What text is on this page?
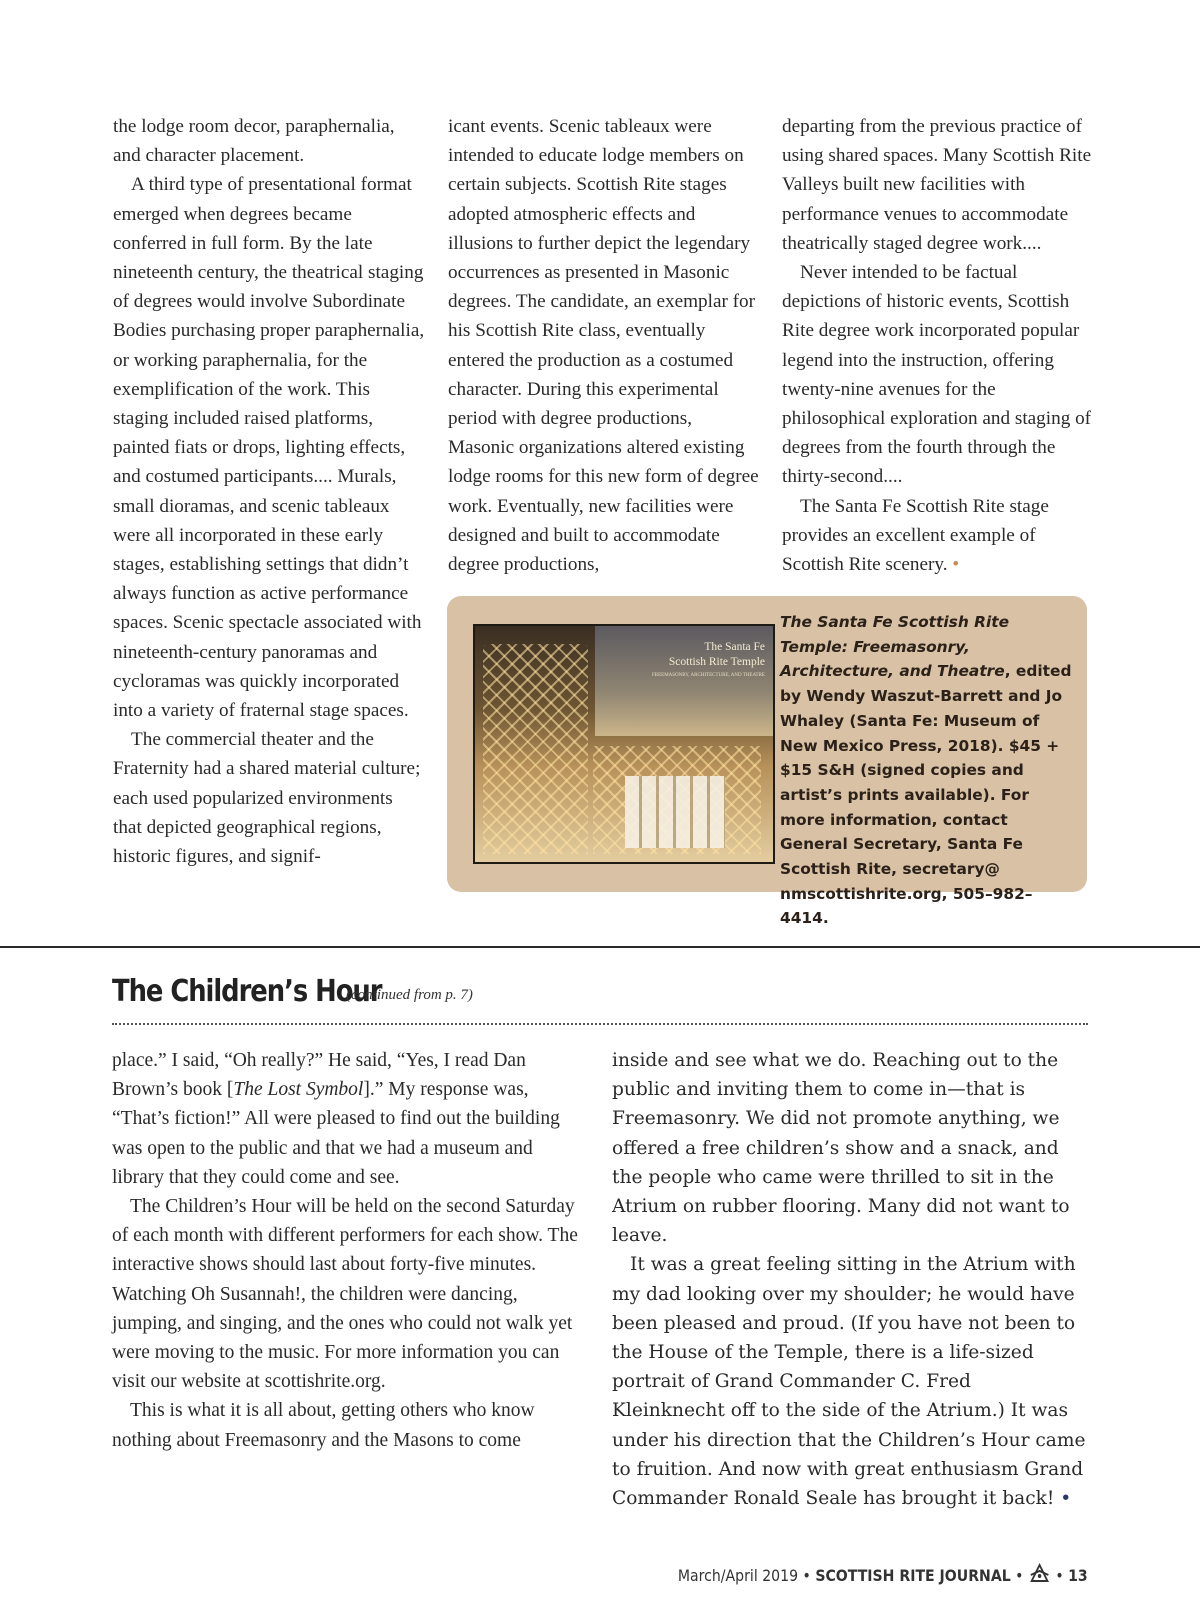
the lodge room decor, paraphernalia, and character placement.

A third type of presentational format emerged when degrees became conferred in full form. By the late nineteenth century, the theatrical staging of degrees would involve Subordinate Bodies purchasing proper paraphernalia, or working paraphernalia, for the exemplification of the work. This staging included raised platforms, painted fiats or drops, lighting effects, and costumed participants.... Murals, small dioramas, and scenic tableaux were all incorporated in these early stages, establishing settings that didn’t always function as active performance spaces. Scenic spectacle associated with nineteenth-century panoramas and cycloramas was quickly incorporated into a variety of fraternal stage spaces.

The commercial theater and the Fraternity had a shared material culture; each used popularized environments that depicted geographical regions, historic figures, and signif-

icant events. Scenic tableaux were intended to educate lodge members on certain subjects. Scottish Rite stages adopted atmospheric effects and illusions to further depict the legendary occurrences as presented in Masonic degrees. The candidate, an exemplar for his Scottish Rite class, eventually entered the production as a costumed character. During this experimental period with degree productions, Masonic organizations altered existing lodge rooms for this new form of degree work. Eventually, new facilities were designed and built to accommodate degree productions,

departing from the previous practice of using shared spaces. Many Scottish Rite Valleys built new facilities with performance venues to accommodate theatrically staged degree work....

Never intended to be factual depictions of historic events, Scottish Rite degree work incorporated popular legend into the instruction, offering twenty-nine avenues for the philosophical exploration and staging of degrees from the fourth through the thirty-second....

The Santa Fe Scottish Rite stage provides an excellent example of Scottish Rite scenery. •

The Santa Fe
Scottish Rite Temple
FREEMASONRY, ARCHITECTURE, AND THEATRE
The Santa Fe Scottish Rite Temple: Freemasonry, Architecture, and Theatre, edited by Wendy Waszut-Barrett and Jo Whaley (Santa Fe: Museum of New Mexico Press, 2018). $45 + $15 S&H (signed copies and artist’s prints available). For more information, contact General Secretary, Santa Fe Scottish Rite, secretary@ nmscottishrite.org, 505–982–4414.
The Children’s Hour
(continued from p. 7)

place.” I said, “Oh really?” He said, “Yes, I read Dan Brown’s book [The Lost Symbol].” My response was, “That’s fiction!” All were pleased to find out the building was open to the public and that we had a museum and library that they could come and see.

The Children’s Hour will be held on the second Saturday of each month with different performers for each show. The interactive shows should last about forty-five minutes. Watching Oh Susannah!, the children were dancing, jumping, and singing, and the ones who could not walk yet were moving to the music. For more information you can visit our website at scottishrite.org.

This is what it is all about, getting others who know nothing about Freemasonry and the Masons to come

inside and see what we do. Reaching out to the public and inviting them to come in—that is Freemasonry. We did not promote anything, we offered a free children’s show and a snack, and the people who came were thrilled to sit in the Atrium on rubber flooring. Many did not want to leave.

It was a great feeling sitting in the Atrium with my dad looking over my shoulder; he would have been pleased and proud. (If you have not been to the House of the Temple, there is a life-sized portrait of Grand Commander C. Fred Kleinknecht off to the side of the Atrium.) It was under his direction that the Children’s Hour came to fruition. And now with great enthusiasm Grand Commander Ronald Seale has brought it back! •

March/April 2019 • SCOTTISH RITE JOURNAL • • 13
